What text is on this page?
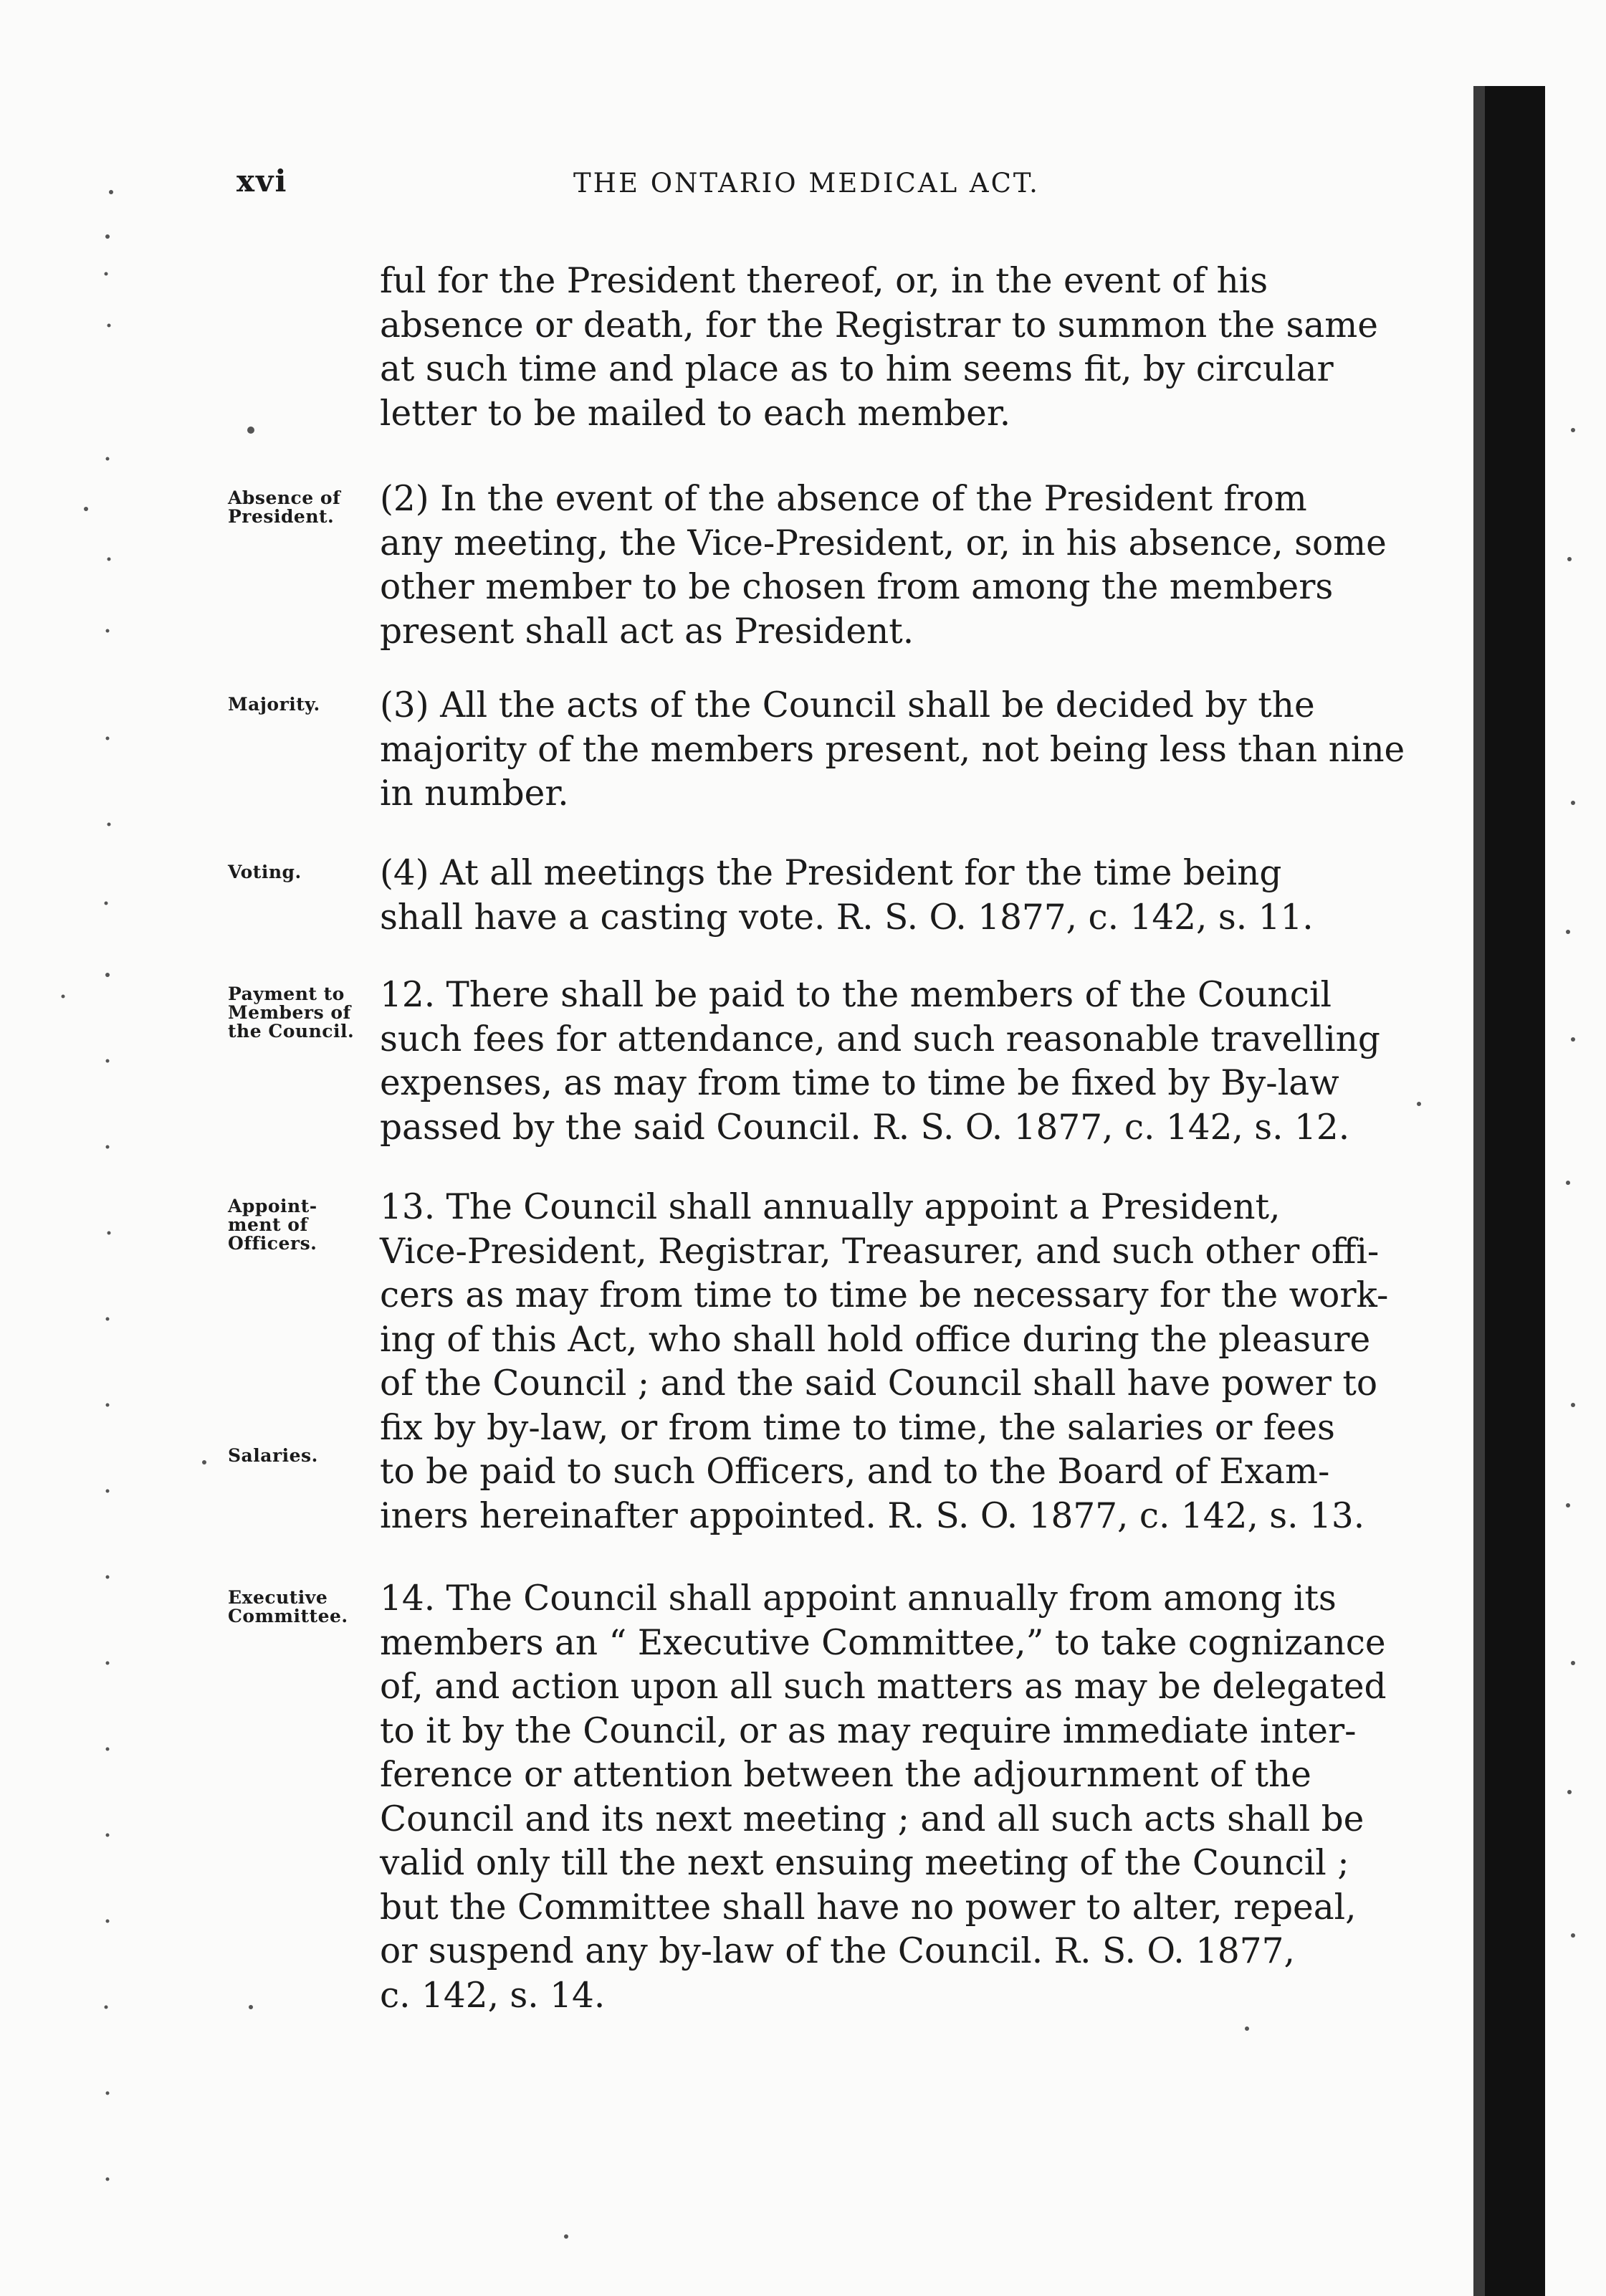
xvi	THE ONTARIO MEDICAL ACT.
ful for the President thereof, or, in the event of his
absence or death, for the Registrar to summon the same
at such time and place as to him seems fit, by circular
letter to be mailed to each member.
Absence of
President.	(2) In the event of the absence of the President from
any meeting, the Vice-President, or, in his absence, some
other member to be chosen from among the members
present shall act as President.
Majority.	(3) All the acts of the Council shall be decided by the
majority of the members present, not being less than nine
in number.
Voting.	(4) At all meetings the President for the time being
shall have a casting vote. R. S. O. 1877, c. 142, s. 11.
Payment to
Members of
the Council.
12. There shall be paid to the members of the Council
such fees for attendance, and such reasonable travelling
expenses, as may from time to time be fixed by By-law
passed by the said Council. R. S. O. 1877, c. 142, s. 12.
Appoint-
ment of
Officers.
Salaries.
13. The Council shall annually appoint a President,
Vice-President, Registrar, Treasurer, and such other offi-
cers as may from time to time be necessary for the work-
ing of this Act, who shall hold office during the pleasure
of the Council ; and the said Council shall have power to
fix by by-law, or from time to time, the salaries or fees
to be paid to such Officers, and to the Board of Exam-
iners hereinafter appointed. R. S. O. 1877, c. 142, s. 13.
Executive
Committee. 14. The Council shall appoint annually from among its
members an “ Executive Committee,” to take cognizance
of, and action upon all such matters as may be delegated
to it by the Council, or as may require immediate inter-
ference or attention between the adjournment of the
Council and its next meeting ; and all such acts shall be
valid only till the next ensuing meeting of the Council ;
but the Committee shall have no power to alter, repeal,
or suspend any by-law of the Council. R. S. O. 1877,
c. 142, s. 14.
